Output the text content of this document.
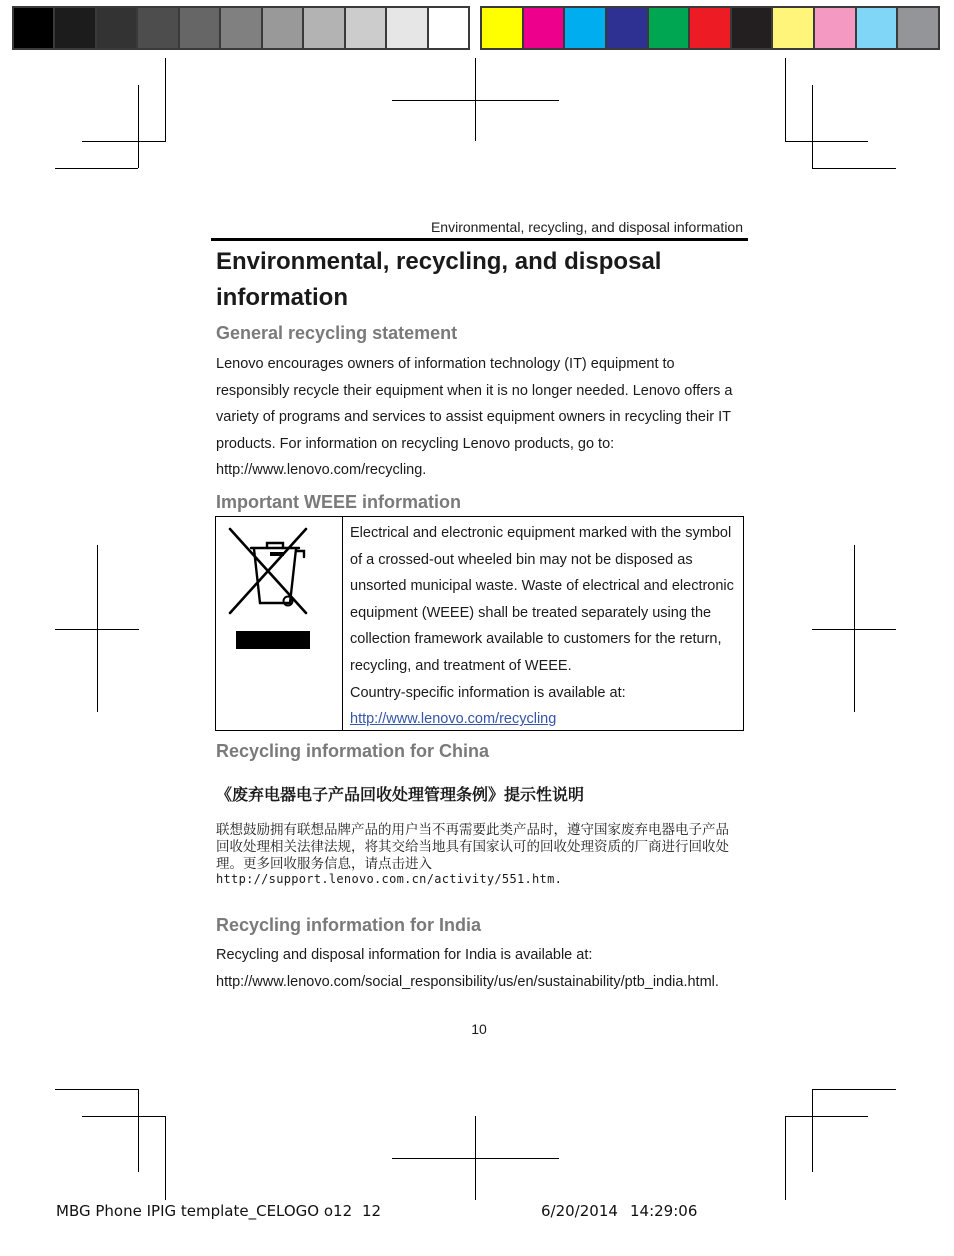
Environmental, recycling, and disposal information
Environmental, recycling, and disposal information
General recycling statement

Lenovo encourages owners of information technology (IT) equipment to responsibly recycle their equipment when it is no longer needed. Lenovo offers a variety of programs and services to assist equipment owners in recycling their IT products. For information on recycling Lenovo products, go to: http://www.lenovo.com/recycling.

Important WEEE information
Electrical and electronic equipment marked with the symbol of a crossed-out wheeled bin may not be disposed as unsorted municipal waste. Waste of electrical and electronic equipment (WEEE) shall be treated separately using the collection framework available to customers for the return, recycling, and treatment of WEEE.
Country-specific information is available at:
http://www.lenovo.com/recycling
Recycling information for China
《废弃电器电子产品回收处理管理条例》提示性说明

联想鼓励拥有联想品牌产品的用户当不再需要此类产品时，遵守国家废弃电器电子产品回收处理相关法律法规，将其交给当地具有国家认可的回收处理资质的厂商进行回收处理。更多回收服务信息，请点击进入

http://support.lenovo.com.cn/activity/551.htm.
Recycling information for India

Recycling and disposal information for India is available at:

http://www.lenovo.com/social_responsibility/us/en/sustainability/ptb_india.html.

10
MBG Phone IPIG template_CELOGO o12 12	6/20/2014 14:29:06
